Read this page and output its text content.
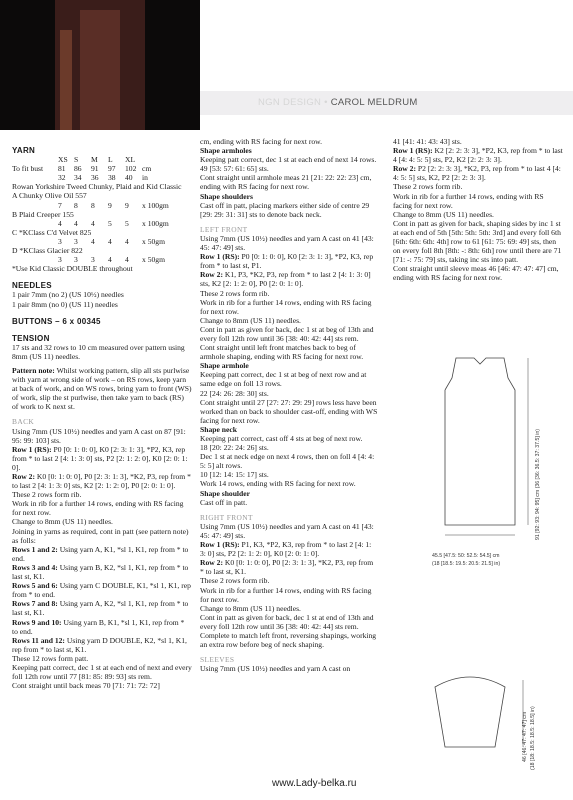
NGN DESIGN • CAROL MELDRUM

YARN

XS S	M	L	XL
To fit bust	81	86	91	97	102 cm
32	34	36	38	40	in

Rowan Yorkshire Tweed Chunky, Plaid and Kid Classic

A Chunky Olive Oil 557

7	8	8	9	9	x 100gm

B Plaid Creeper 155

4	4	4	5	5	x 100gm

C *KClass C'd Velvet 825

3	3	4	4	4	x 50gm

D *KClass Glacier 822

3	3	3	4	4	x 50gm

*Use Kid Classic DOUBLE throughout

NEEDLES

1 pair 7mm (no 2) (US 10½) needles

1 pair 8mm (no 0) (US 11) needles

BUTTONS – 6 x 00345

TENSION

17 sts and 32 rows to 10 cm measured over pattern using 8mm (US 11) needles.

Pattern note: Whilst working pattern, slip all sts purlwise with yarn at wrong side of work – on RS rows, keep yarn at back of work, and on WS rows, bring yarn to front (WS) of work, slip the st purlwise, then take yarn to back (RS) of work to K next st.

BACK

Using 7mm (US 10½) needles and yarn A cast on 87 [91: 95: 99: 103] sts.

Row 1 (RS): P0 [0: 1: 0: 0], K0 [2: 3: 1: 3], *P2, K3, rep from * to last 2 [4: 1: 3: 0] sts, P2 [2: 1: 2: 0], K0 [2: 0: 1: 0].

Row 2: K0 [0: 1: 0: 0], P0 [2: 3: 1: 3], *K2, P3, rep from * to last 2 [4: 1: 3: 0] sts, K2 [2: 1: 2: 0], P0 [2: 0: 1: 0].

These 2 rows form rib.

Work in rib for a further 14 rows, ending with RS facing for next row.

Change to 8mm (US 11) needles.

Joining in yarns as required, cont in patt (see pattern note) as folls:

Rows 1 and 2: Using yarn A, K1, *sl 1, K1, rep from * to end.

Rows 3 and 4: Using yarn B, K2, *sl 1, K1, rep from * to last st, K1.

Rows 5 and 6: Using yarn C DOUBLE, K1, *sl 1, K1, rep from * to end.

Rows 7 and 8: Using yarn A, K2, *sl 1, K1, rep from * to last st, K1.

Rows 9 and 10: Using yarn B, K1, *sl 1, K1, rep from * to end.

Rows 11 and 12: Using yarn D DOUBLE, K2, *sl 1, K1, rep from * to last st, K1.

These 12 rows form patt.

Keeping patt correct, dec 1 st at each end of next and every foll 12th row until 77 [81: 85: 89: 93] sts rem.

Cont straight until back meas 70 [71: 71: 72: 72]

cm, ending with RS facing for next row.

Shape armholes

Keeping patt correct, dec 1 st at each end of next 14 rows.

49 [53: 57: 61: 65] sts.

Cont straight until armhole meas 21 [21: 22: 22: 23] cm, ending with RS facing for next row.

Shape shoulders

Cast off in patt, placing markers either side of centre 29 [29: 29: 31: 31] sts to denote back neck.

LEFT FRONT

Using 7mm (US 10½) needles and yarn A cast on 41 [43: 45: 47: 49] sts.

Row 1 (RS): P0 [0: 1: 0: 0], K0 [2: 3: 1: 3], *P2, K3, rep from * to last st, P1.

Row 2: K1, P3, *K2, P3, rep from * to last 2 [4: 1: 3: 0] sts, K2 [2: 1: 2: 0], P0 [2: 0: 1: 0].

These 2 rows form rib.

Work in rib for a further 14 rows, ending with RS facing for next row.

Change to 8mm (US 11) needles.

Cont in patt as given for back, dec 1 st at beg of 13th and every foll 12th row until 36 [38: 40: 42: 44] sts rem.

Cont straight until left front matches back to beg of armhole shaping, ending with RS facing for next row.

Shape armhole

Keeping patt correct, dec 1 st at beg of next row and at same edge on foll 13 rows.

22 [24: 26: 28: 30] sts.

Cont straight until 27 [27: 27: 29: 29] rows less have been worked than on back to shoulder cast-off, ending with WS facing for next row.

Shape neck

Keeping patt correct, cast off 4 sts at beg of next row.

18 [20: 22: 24: 26] sts.

Dec 1 st at neck edge on next 4 rows, then on foll 4 [4: 4: 5: 5] alt rows.

10 [12: 14: 15: 17] sts.

Work 14 rows, ending with RS facing for next row.

Shape shoulder

Cast off in patt.

RIGHT FRONT

Using 7mm (US 10½) needles and yarn A cast on 41 [43: 45: 47: 49] sts.

Row 1 (RS): P1, K3, *P2, K3, rep from * to last 2 [4: 1: 3: 0] sts, P2 [2: 1: 2: 0], K0 [2: 0: 1: 0].

Row 2: K0 [0: 1: 0: 0], P0 [2: 3: 1: 3], *K2, P3, rep from * to last st, K1.

These 2 rows form rib.

Work in rib for a further 14 rows, ending with RS facing for next row.

Change to 8mm (US 11) needles.

Cont in patt as given for back, dec 1 st at end of 13th and every foll 12th row until 36 [38: 40: 42: 44] sts rem.

Complete to match left front, reversing shapings, working an extra row before beg of neck shaping.

SLEEVES

Using 7mm (US 10½) needles and yarn A cast on

41 [41: 41: 43: 43] sts.

Row 1 (RS): K2 [2: 2: 3: 3], *P2, K3, rep from * to last 4 [4: 4: 5: 5] sts, P2, K2 [2: 2: 3: 3].

Row 2: P2 [2: 2: 3: 3], *K2, P3, rep from * to last 4 [4: 4: 5: 5] sts, K2, P2 [2: 2: 3: 3].

These 2 rows form rib.

Work in rib for a further 14 rows, ending with RS facing for next row.

Change to 8mm (US 11) needles.

Cont in patt as given for back, shaping sides by inc 1 st at each end of 5th [5th: 5th: 5th: 3rd] and every foll 6th [6th: 6th: 6th: 4th] row to 61 [61: 75: 69: 49] sts, then on every foll 8th [8th: -: 8th: 6th] row until there are 71 [71: -: 75: 79] sts, taking inc sts into patt.

Cont straight until sleeve meas 46 [46: 47: 47: 47] cm, ending with RS facing for next row.

45.5 [47.5: 50: 52.5: 54.5] cm
(18 [18.5: 19.5: 20.5: 21.5] in)
91 [92: 93: 94: 95] cm (36 [36: 36.5: 37: 37.5] in)
46 [46: 47: 47: 47] cm (18 [18: 18.5: 18.5: 18.5] in)
www.Lady-belka.ru
